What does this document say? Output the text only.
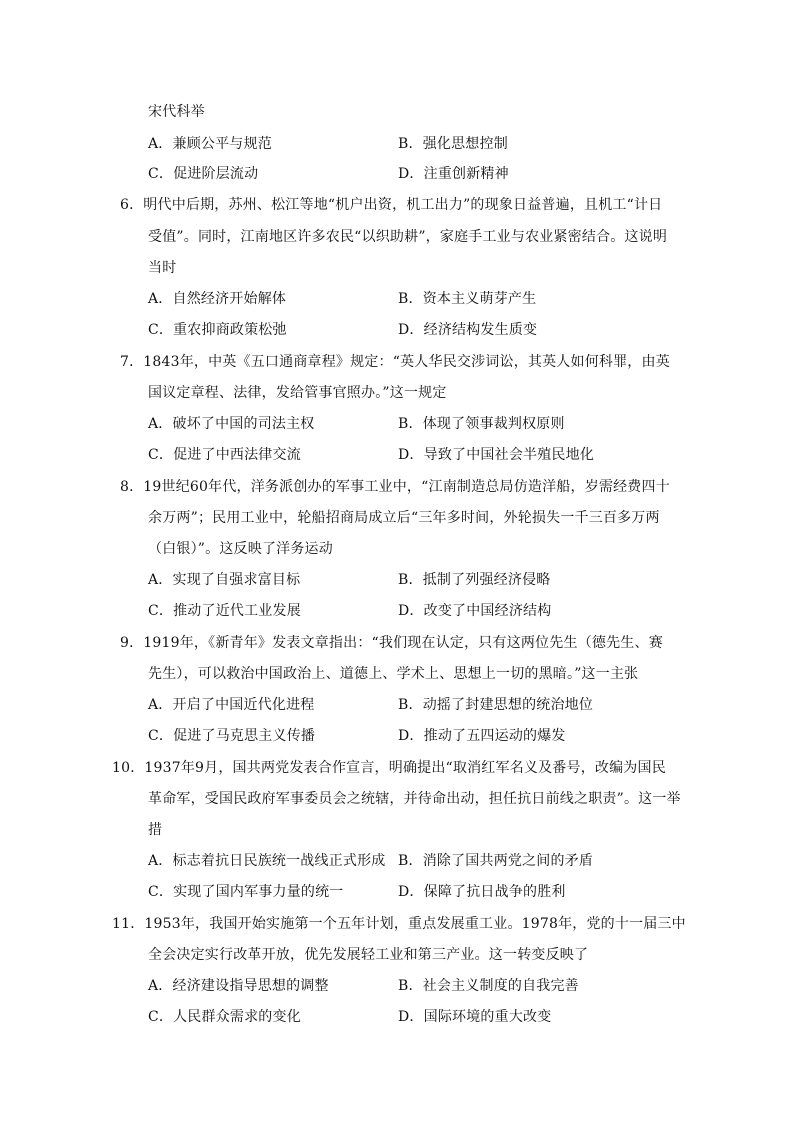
宋代科举
A．兼顾公平与规范	B．强化思想控制
C．促进阶层流动	D．注重创新精神
6．明代中后期，苏州、松江等地“机户出资，机工出力”的现象日益普遍，且机工“计日
受值”。同时，江南地区许多农民“以织助耕”，家庭手工业与农业紧密结合。这说明
当时
A．自然经济开始解体	B．资本主义萌芽产生
C．重农抑商政策松弛	D．经济结构发生质变
7．1843年，中英《五口通商章程》规定：“英人华民交涉词讼，其英人如何科罪，由英
国议定章程、法律，发给管事官照办。”这一规定
A．破坏了中国的司法主权	B．体现了领事裁判权原则
C．促进了中西法律交流	D．导致了中国社会半殖民地化
8．19世纪60年代，洋务派创办的军事工业中，“江南制造总局仿造洋船，岁需经费四十
余万两”；民用工业中，轮船招商局成立后“三年多时间，外轮损失一千三百多万两
（白银）”。这反映了洋务运动
A．实现了自强求富目标	B．抵制了列强经济侵略
C．推动了近代工业发展	D．改变了中国经济结构
9．1919年，《新青年》发表文章指出：“我们现在认定，只有这两位先生（德先生、赛
先生），可以救治中国政治上、道德上、学术上、思想上一切的黑暗。”这一主张
A．开启了中国近代化进程	B．动摇了封建思想的统治地位
C．促进了马克思主义传播	D．推动了五四运动的爆发
10．1937年9月，国共两党发表合作宣言，明确提出“取消红军名义及番号，改编为国民
革命军，受国民政府军事委员会之统辖，并待命出动，担任抗日前线之职责”。这一举
措
A．标志着抗日民族统一战线正式形成 B．消除了国共两党之间的矛盾
C．实现了国内军事力量的统一	D．保障了抗日战争的胜利
11．1953年，我国开始实施第一个五年计划，重点发展重工业。1978年，党的十一届三中
全会决定实行改革开放，优先发展轻工业和第三产业。这一转变反映了
A．经济建设指导思想的调整	B．社会主义制度的自我完善
C．人民群众需求的变化	D．国际环境的重大改变
